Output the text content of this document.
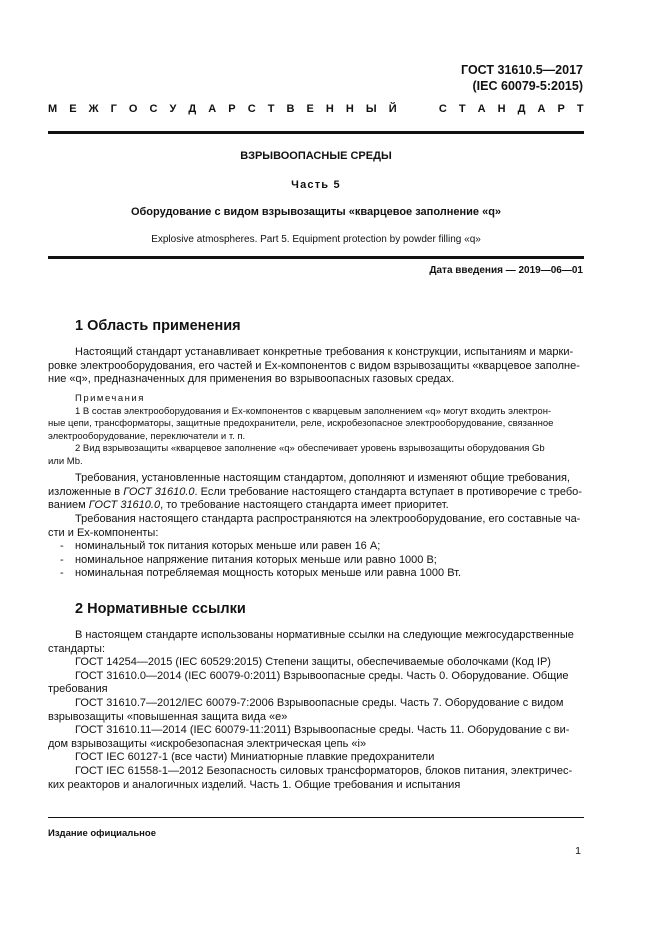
ГОСТ 31610.5—2017
(IEC 60079-5:2015)
М Е Ж Г О С У Д А Р С Т В Е Н Н Ы Й

	С Т А Н Д А Р Т
ВЗРЫВООПАСНЫЕ СРЕДЫ
Часть 5
Оборудование с видом взрывозащиты «кварцевое заполнение «q»
Explosive atmospheres. Part 5. Equipment protection by powder filling «q»
Дата введения — 2019—06—01
1 Область применения
Настоящий стандарт устанавливает конкретные требования к конструкции, испытаниям и марки-
ровке электрооборудования, его частей и Ex-компонентов с видом взрывозащиты «кварцевое заполне-
ние «q», предназначенных для применения во взрывоопасных газовых средах.
Примечания
1 В состав электрооборудования и Ex-компонентов с кварцевым заполнением «q» могут входить электрон-
ные цепи, трансформаторы, защитные предохранители, реле, искробезопасное электрооборудование, связанное
электрооборудование, переключатели и т. п.
2 Вид взрывозащиты «кварцевое заполнение «q» обеспечивает уровень взрывозащиты оборудования Gb
или Mb.
Требования, установленные настоящим стандартом, дополняют и изменяют общие требования,
изложенные в ГОСТ 31610.0. Если требование настоящего стандарта вступает в противоречие с требо-
ванием ГОСТ 31610.0, то требование настоящего стандарта имеет приоритет.
Требования настоящего стандарта распространяются на электрооборудование, его составные ча-
сти и Ex-компоненты:
- номинальный ток питания которых меньше или равен 16 А;
- номинальное напряжение питания которых меньше или равно 1000 В;
- номинальная потребляемая мощность которых меньше или равна 1000 Вт.
2 Нормативные ссылки
В настоящем стандарте использованы нормативные ссылки на следующие межгосударственные
стандарты:
ГОСТ 14254—2015 (IEC 60529:2015) Степени защиты, обеспечиваемые оболочками (Код IP)
ГОСТ 31610.0—2014 (IEC 60079-0:2011) Взрывоопасные среды. Часть 0. Оборудование. Общие
требования
ГОСТ 31610.7—2012/IEC 60079-7:2006 Взрывоопасные среды. Часть 7. Оборудование с видом
взрывозащиты «повышенная защита вида «е»
ГОСТ 31610.11—2014 (IEC 60079-11:2011) Взрывоопасные среды. Часть 11. Оборудование с ви-
дом взрывозащиты «искробезопасная электрическая цепь «i»
ГОСТ IEC 60127-1 (все части) Миниатюрные плавкие предохранители
ГОСТ IEC 61558-1—2012 Безопасность силовых трансформаторов, блоков питания, электричес-
ких реакторов и аналогичных изделий. Часть 1. Общие требования и испытания
Издание официальное
1
